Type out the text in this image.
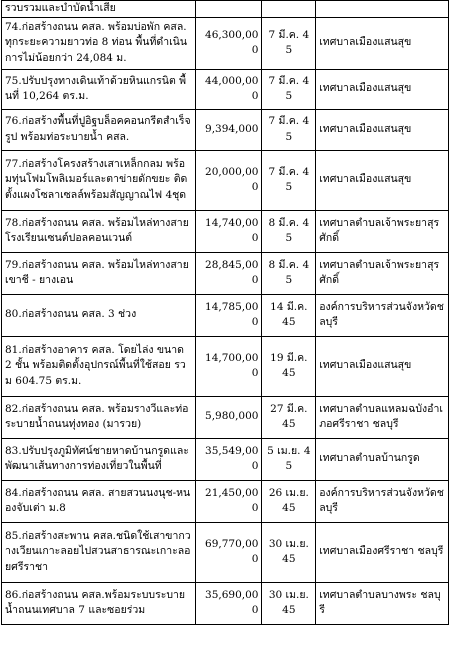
รวบรวมและบำบัดน้ำเสีย			
74.ก่อสร้างถนน คสล. พร้อมบ่อพัก คสล. ทุกระยะความยาวท่อ 8 ท่อน พื้นที่ดำเนินการไม่น้อยกว่า 24,084 ม.	46,300,000	7 มี.ค. 45	เทศบาลเมืองแสนสุข
75.ปรับปรุงทางเดินเท้าด้วยหินแกรนิต พื้นที่ 10,264 ตร.ม.	44,000,000	7 มี.ค. 45	เทศบาลเมืองแสนสุข
76.ก่อสร้างพื้นที่ปูอิฐบล็อคคอนกรีตสำเร็จรูป พร้อมท่อระบายน้ำ คสล.	9,394,000	7 มี.ค. 45	เทศบาลเมืองแสนสุข
77.ก่อสร้างโครงสร้างเสาเหล็กกลม พร้อมทุ่นโฟมโพลิเมอร์และตาข่ายดักขยะ ติดตั้งแผงโซลาเซลล์พร้อมสัญญาณไฟ 4ชุด	20,000,000	7 มี.ค. 45	เทศบาลเมืองแสนสุข
78.ก่อสร้างถนน คสล. พร้อมไหล่ทางสายโรงเรียนเซนต์ปอลคอนเวนต์	14,740,000	8 มี.ค. 45	เทศบาลตำบลเจ้าพระยาสุรศักดิ์
79.ก่อสร้างถนน คสล. พร้อมไหล่ทางสายเขาชี - ยางเอน	28,845,000	8 มี.ค. 45	เทศบาลตำบลเจ้าพระยาสุรศักดิ์
80.ก่อสร้างถนน คสล. 3 ช่วง	14,785,000	14 มี.ค. 45	องค์การบริหารส่วนจังหวัดชลบุรี
81.ก่อสร้างอาคาร คสล. โดยไล่ง ขนาด 2 ชั้น พร้อมติดตั้งอุปกรณ์พื้นที่ใช้สอย รวม 604.75 ตร.ม.	14,700,000	19 มี.ค. 45	เทศบาลเมืองแสนสุข
82.ก่อสร้างถนน คสล. พร้อมรางวีและท่อระบายน้ำถนนทุ่งทอง (มารวย)	5,980,000	27 มี.ค. 45	เทศบาลตำบลแหลมฉบังอำเภอศรีราชา ชลบุรี
83.ปรับปรุงภูมิทัศน์ชายหาดบ้านกรูดและพัฒนาเส้นทางการท่องเที่ยวในพื้นที่	35,549,000	5 เม.ย. 45	เทศบาลตำบลบ้านกรูด
84.ก่อสร้างถนน คสล. สายสวนนงนุช-หนองจับเต่า ม.8	21,450,000	26 เม.ย. 45	องค์การบริหารส่วนจังหวัดชลบุรี
85.ก่อสร้างสะพาน คสล.ชนิดใช้เสาขากวางเวียนเกาะลอยไปสวนสาธารณะเกาะลอยศรีราชา	69,770,000	30 เม.ย. 45	เทศบาลเมืองศรีราชา ชลบุรี
86.ก่อสร้างถนน คสล.พร้อมระบบระบายน้ำถนนเทศบาล 7 และซอยร่วม	35,690,000	30 เม.ย. 45	เทศบาลตำบลบางพระ ชลบุรี
